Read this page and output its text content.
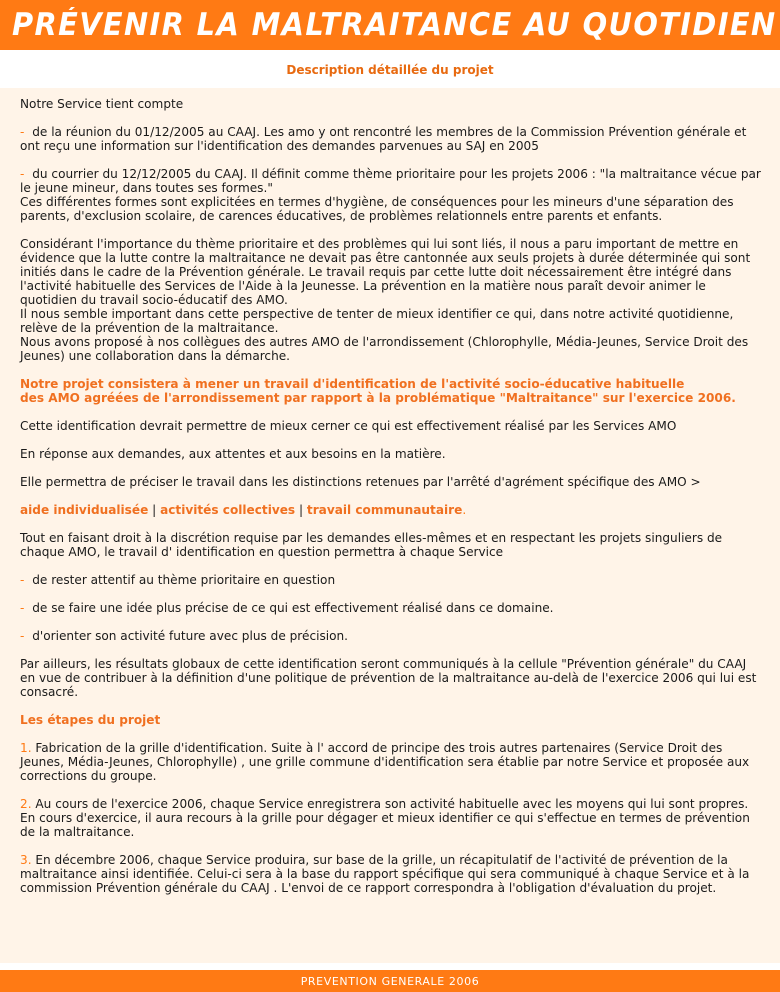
PRÉVENIR LA MALTRAITANCE AU QUOTIDIEN
Description détaillée du projet

Notre Service tient compte

- de la réunion du 01/12/2005 au CAAJ. Les amo y ont rencontré les membres de la Commission Prévention générale et ont reçu une information sur l'identification des demandes parvenues au SAJ en 2005

- du courrier du 12/12/2005 du CAAJ. Il définit comme thème prioritaire pour les projets 2006 : "la maltraitance vécue par le jeune mineur, dans toutes ses formes."
Ces différentes formes sont explicitées en termes d'hygiène, de conséquences pour les mineurs d'une séparation des parents, d'exclusion scolaire, de carences éducatives, de problèmes relationnels entre parents et enfants.

Considérant l'importance du thème prioritaire et des problèmes qui lui sont liés, il nous a paru important de mettre en évidence que la lutte contre la maltraitance ne devait pas être cantonnée aux seuls projets à durée déterminée qui sont initiés dans le cadre de la Prévention générale. Le travail requis par cette lutte doit nécessairement être intégré dans l'activité habituelle des Services de l'Aide à la Jeunesse. La prévention en la matière nous paraît devoir animer le quotidien du travail socio-éducatif des AMO.
Il nous semble important dans cette perspective de tenter de mieux identifier ce qui, dans notre activité quotidienne, relève de la prévention de la maltraitance.
Nous avons proposé à nos collègues des autres AMO de l'arrondissement (Chlorophylle, Média-Jeunes, Service Droit des Jeunes) une collaboration dans la démarche.

Notre projet consistera à mener un travail d'identification de l'activité socio-éducative habituelle
des AMO agréées de l'arrondissement par rapport à la problématique "Maltraitance" sur l'exercice 2006.

Cette identification devrait permettre de mieux cerner ce qui est effectivement réalisé par les Services AMO

En réponse aux demandes, aux attentes et aux besoins en la matière.

Elle permettra de préciser le travail dans les distinctions retenues par l'arrêté d'agrément spécifique des AMO >

aide individualisée | activités collectives | travail communautaire.

Tout en faisant droit à la discrétion requise par les demandes elles-mêmes et en respectant les projets singuliers de chaque AMO, le travail d' identification en question permettra à chaque Service

- de rester attentif au thème prioritaire en question

- de se faire une idée plus précise de ce qui est effectivement réalisé dans ce domaine.

- d'orienter son activité future avec plus de précision.

Par ailleurs, les résultats globaux de cette identification seront communiqués à la cellule "Prévention générale" du CAAJ en vue de contribuer à la définition d'une politique de prévention de la maltraitance au-delà de l'exercice 2006 qui lui est consacré.

Les étapes du projet

1. Fabrication de la grille d'identification. Suite à l' accord de principe des trois autres partenaires (Service Droit des Jeunes, Média-Jeunes, Chlorophylle) , une grille commune d'identification sera établie par notre Service et proposée aux corrections du groupe.

2. Au cours de l'exercice 2006, chaque Service enregistrera son activité habituelle avec les moyens qui lui sont propres. En cours d'exercice, il aura recours à la grille pour dégager et mieux identifier ce qui s'effectue en termes de prévention de la maltraitance.

3. En décembre 2006, chaque Service produira, sur base de la grille, un récapitulatif de l'activité de prévention de la maltraitance ainsi identifiée. Celui-ci sera à la base du rapport spécifique qui sera communiqué à chaque Service et à la commission Prévention générale du CAAJ . L'envoi de ce rapport correspondra à l'obligation d'évaluation du projet.

PREVENTION GENERALE 2006
